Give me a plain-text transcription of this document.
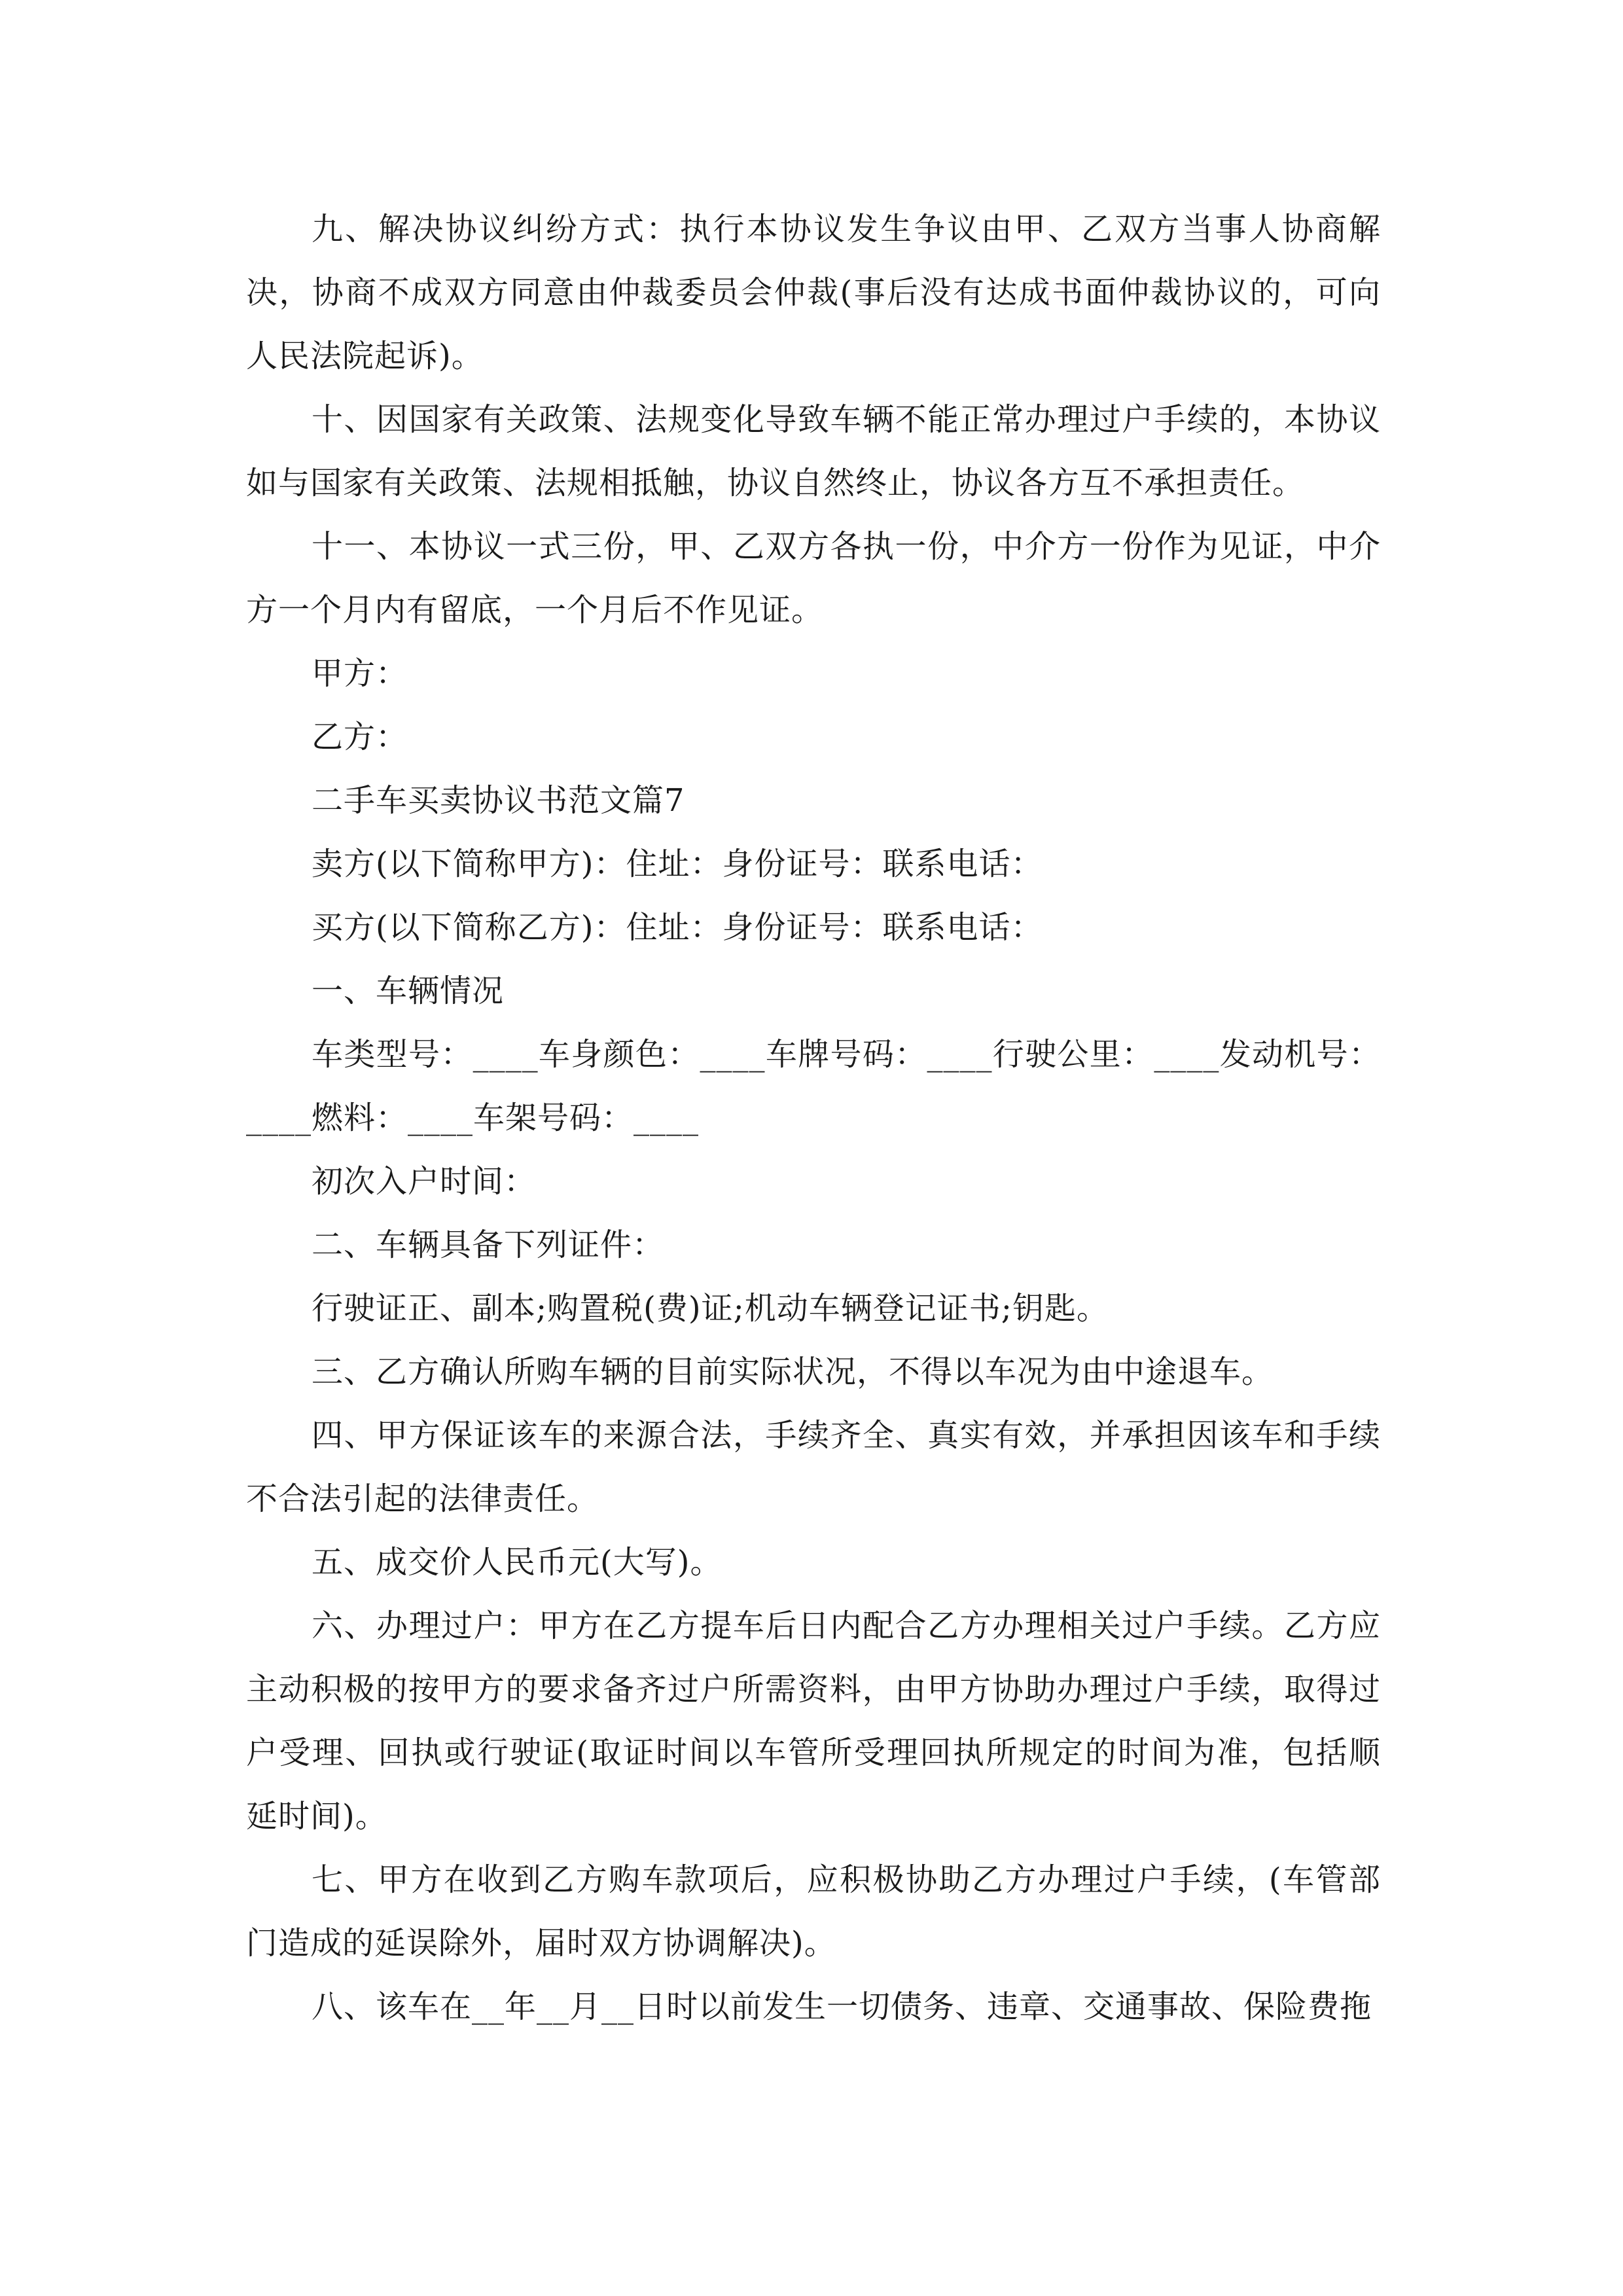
九、解决协议纠纷方式：执行本协议发生争议由甲、乙双方当事人协商解决，协商不成双方同意由仲裁委员会仲裁(事后没有达成书面仲裁协议的，可向人民法院起诉)。

十、因国家有关政策、法规变化导致车辆不能正常办理过户手续的，本协议如与国家有关政策、法规相抵触，协议自然终止，协议各方互不承担责任。

十一、本协议一式三份，甲、乙双方各执一份，中介方一份作为见证，中介方一个月内有留底，一个月后不作见证。

甲方：

乙方：

二手车买卖协议书范文篇7

卖方(以下简称甲方)：住址：身份证号：联系电话：

买方(以下简称乙方)：住址：身份证号：联系电话：

一、车辆情况

车类型号：____车身颜色：____车牌号码：____行驶公里：____发动机号：____燃料：____车架号码：____

初次入户时间：

二、车辆具备下列证件：

行驶证正、副本;购置税(费)证;机动车辆登记证书;钥匙。

三、乙方确认所购车辆的目前实际状况，不得以车况为由中途退车。

四、甲方保证该车的来源合法，手续齐全、真实有效，并承担因该车和手续不合法引起的法律责任。

五、成交价人民币元(大写)。

六、办理过户：甲方在乙方提车后日内配合乙方办理相关过户手续。乙方应主动积极的按甲方的要求备齐过户所需资料，由甲方协助办理过户手续，取得过户受理、回执或行驶证(取证时间以车管所受理回执所规定的时间为准，包括顺延时间)。

七、甲方在收到乙方购车款项后，应积极协助乙方办理过户手续，(车管部门造成的延误除外，届时双方协调解决)。

八、该车在__年__月__日时以前发生一切债务、违章、交通事故、保险费拖
